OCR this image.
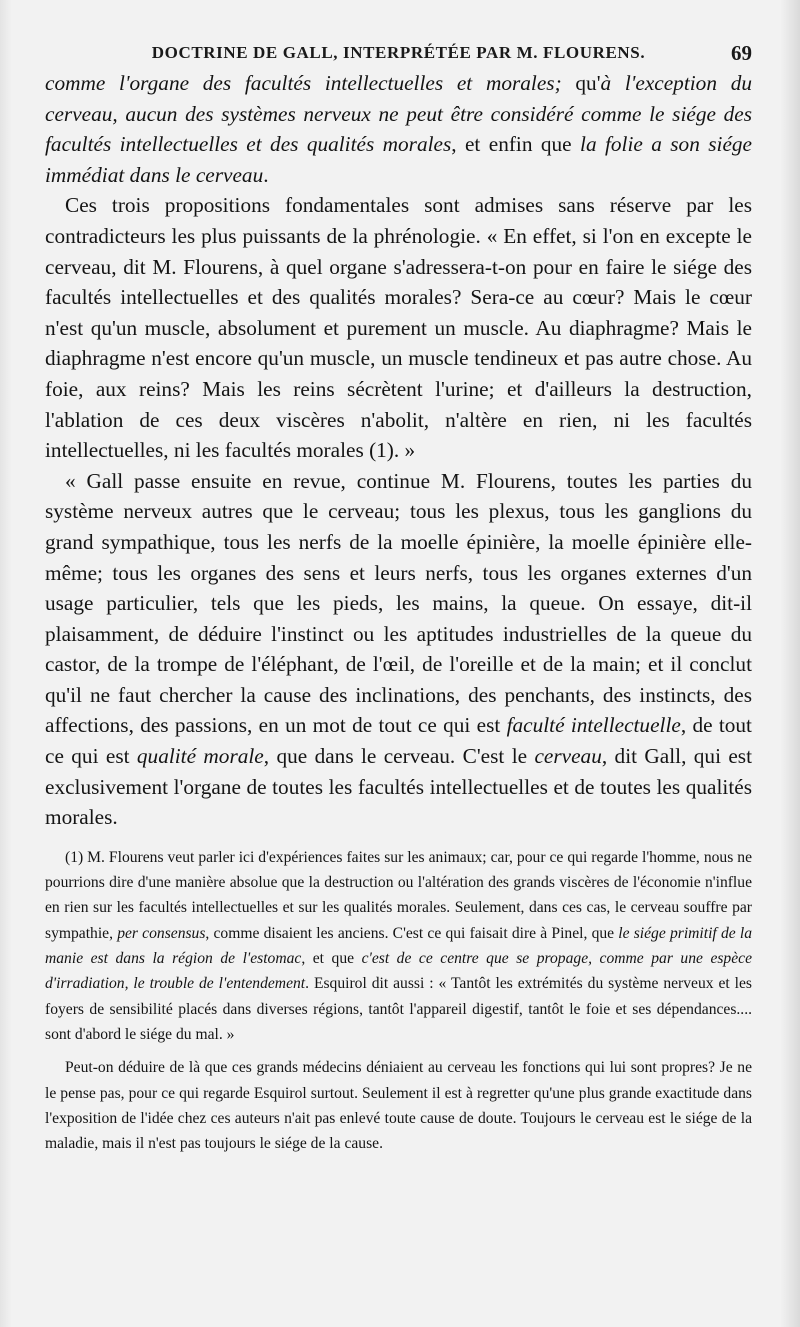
DOCTRINE DE GALL, INTERPRÉTÉE PAR M. FLOURENS.	69

comme l'organe des facultés intellectuelles et morales; qu'à l'exception du cerveau, aucun des systèmes nerveux ne peut être considéré comme le siége des facultés intellectuelles et des qualités morales, et enfin que la folie a son siége immédiat dans le cerveau.

Ces trois propositions fondamentales sont admises sans réserve par les contradicteurs les plus puissants de la phrénologie. « En effet, si l'on en excepte le cerveau, dit M. Flourens, à quel organe s'adressera-t-on pour en faire le siége des facultés intellectuelles et des qualités morales? Sera-ce au cœur? Mais le cœur n'est qu'un muscle, absolument et purement un muscle. Au diaphragme? Mais le diaphragme n'est encore qu'un muscle, un muscle tendineux et pas autre chose. Au foie, aux reins? Mais les reins sécrètent l'urine; et d'ailleurs la destruction, l'ablation de ces deux viscères n'abolit, n'altère en rien, ni les facultés intellectuelles, ni les facultés morales (1). »

« Gall passe ensuite en revue, continue M. Flourens, toutes les parties du système nerveux autres que le cerveau; tous les plexus, tous les ganglions du grand sympathique, tous les nerfs de la moelle épinière, la moelle épinière elle-même; tous les organes des sens et leurs nerfs, tous les organes externes d'un usage particulier, tels que les pieds, les mains, la queue. On essaye, dit-il plaisamment, de déduire l'instinct ou les aptitudes industrielles de la queue du castor, de la trompe de l'éléphant, de l'œil, de l'oreille et de la main; et il conclut qu'il ne faut chercher la cause des inclinations, des penchants, des instincts, des affections, des passions, en un mot de tout ce qui est faculté intellectuelle, de tout ce qui est qualité morale, que dans le cerveau. C'est le cerveau, dit Gall, qui est exclusivement l'organe de toutes les facultés intellectuelles et de toutes les qualités morales.

(1) M. Flourens veut parler ici d'expériences faites sur les animaux; car, pour ce qui regarde l'homme, nous ne pourrions dire d'une manière absolue que la destruction ou l'altération des grands viscères de l'économie n'influe en rien sur les facultés intellectuelles et sur les qualités morales. Seulement, dans ces cas, le cerveau souffre par sympathie, per consensus, comme disaient les anciens. C'est ce qui faisait dire à Pinel, que le siége primitif de la manie est dans la région de l'estomac, et que c'est de ce centre que se propage, comme par une espèce d'irradiation, le trouble de l'entendement. Esquirol dit aussi : « Tantôt les extrémités du système nerveux et les foyers de sensibilité placés dans diverses régions, tantôt l'appareil digestif, tantôt le foie et ses dépendances.... sont d'abord le siége du mal. »

Peut-on déduire de là que ces grands médecins déniaient au cerveau les fonctions qui lui sont propres? Je ne le pense pas, pour ce qui regarde Esquirol surtout. Seulement il est à regretter qu'une plus grande exactitude dans l'exposition de l'idée chez ces auteurs n'ait pas enlevé toute cause de doute. Toujours le cerveau est le siége de la maladie, mais il n'est pas toujours le siége de la cause.
